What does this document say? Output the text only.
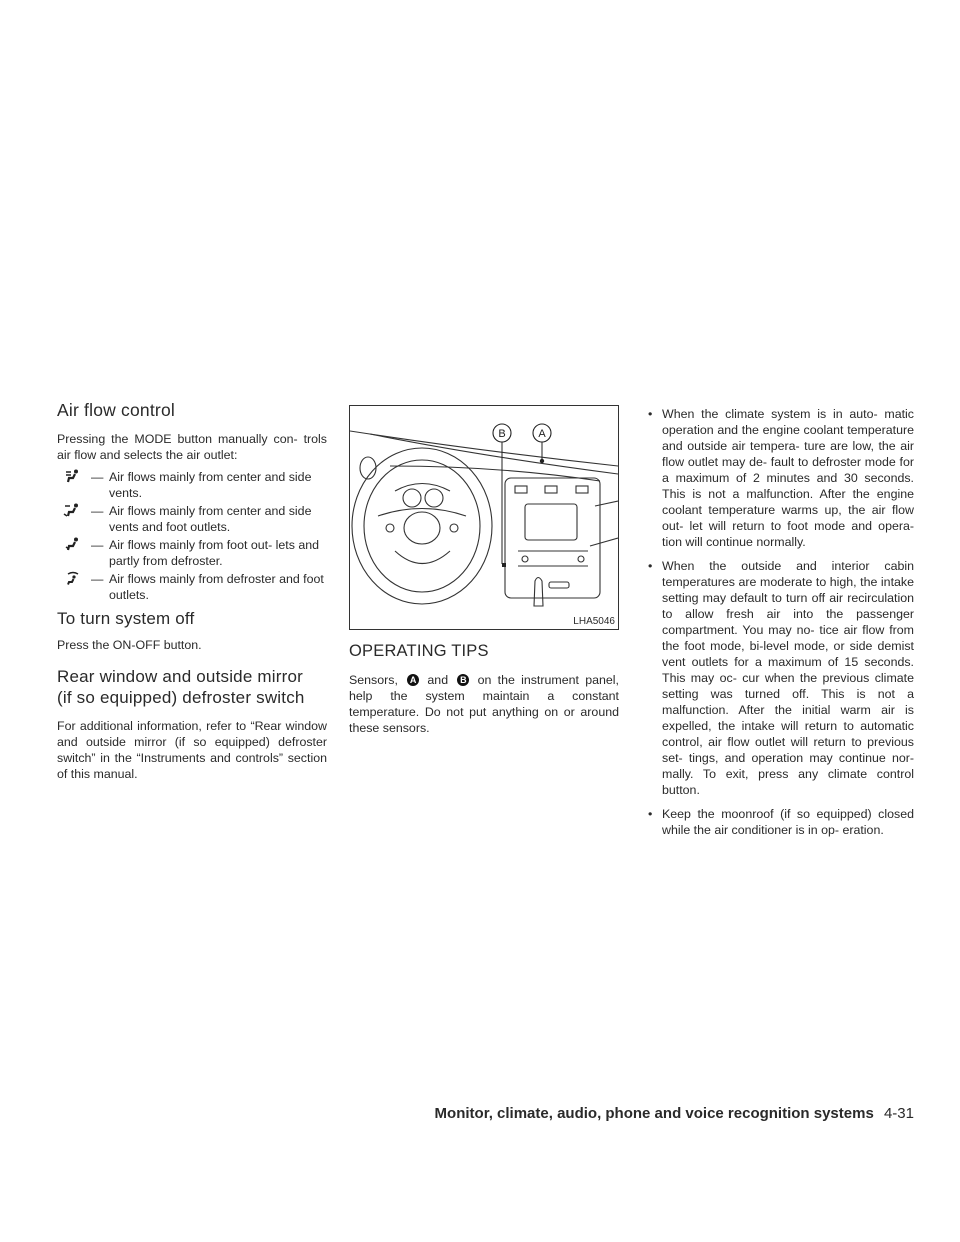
Air flow control

Pressing the MODE button manually con- trols air flow and selects the air outlet:

— Air flows mainly from center and side vents.
— Air flows mainly from center and side vents and foot outlets.
— Air flows mainly from foot out- lets and partly from defroster.
— Air flows mainly from defroster and foot outlets.
To turn system off

Press the ON-OFF button.

Rear window and outside mirror
(if so equipped) defroster switch

For additional information, refer to “Rear window and outside mirror (if so equipped) defroster switch” in the “Instruments and controls” section of this manual.

B	A
LHA5046
OPERATING TIPS

Sensors, A and B on the instrument panel, help the system maintain a constant temperature. Do not put anything on or around these sensors.

• When the climate system is in auto- matic operation and the engine coolant temperature and outside air tempera- ture are low, the air flow outlet may de- fault to defroster mode for a maximum of 2 minutes and 30 seconds. This is not a malfunction. After the engine coolant temperature warms up, the air flow out- let will return to foot mode and opera- tion will continue normally.
• When the outside and interior cabin temperatures are moderate to high, the intake setting may default to turn off air recirculation to allow fresh air into the passenger compartment. You may no- tice air flow from the foot mode, bi-level mode, or side demist vent outlets for a maximum of 15 seconds. This may oc- cur when the previous climate setting was turned off. This is not a malfunction. After the initial warm air is expelled, the intake will return to automatic control, air flow outlet will return to previous set- tings, and operation may continue nor- mally. To exit, press any climate control button.
• Keep the moonroof (if so equipped) closed while the air conditioner is in op- eration.
Monitor, climate, audio, phone and voice recognition systems 4-31
